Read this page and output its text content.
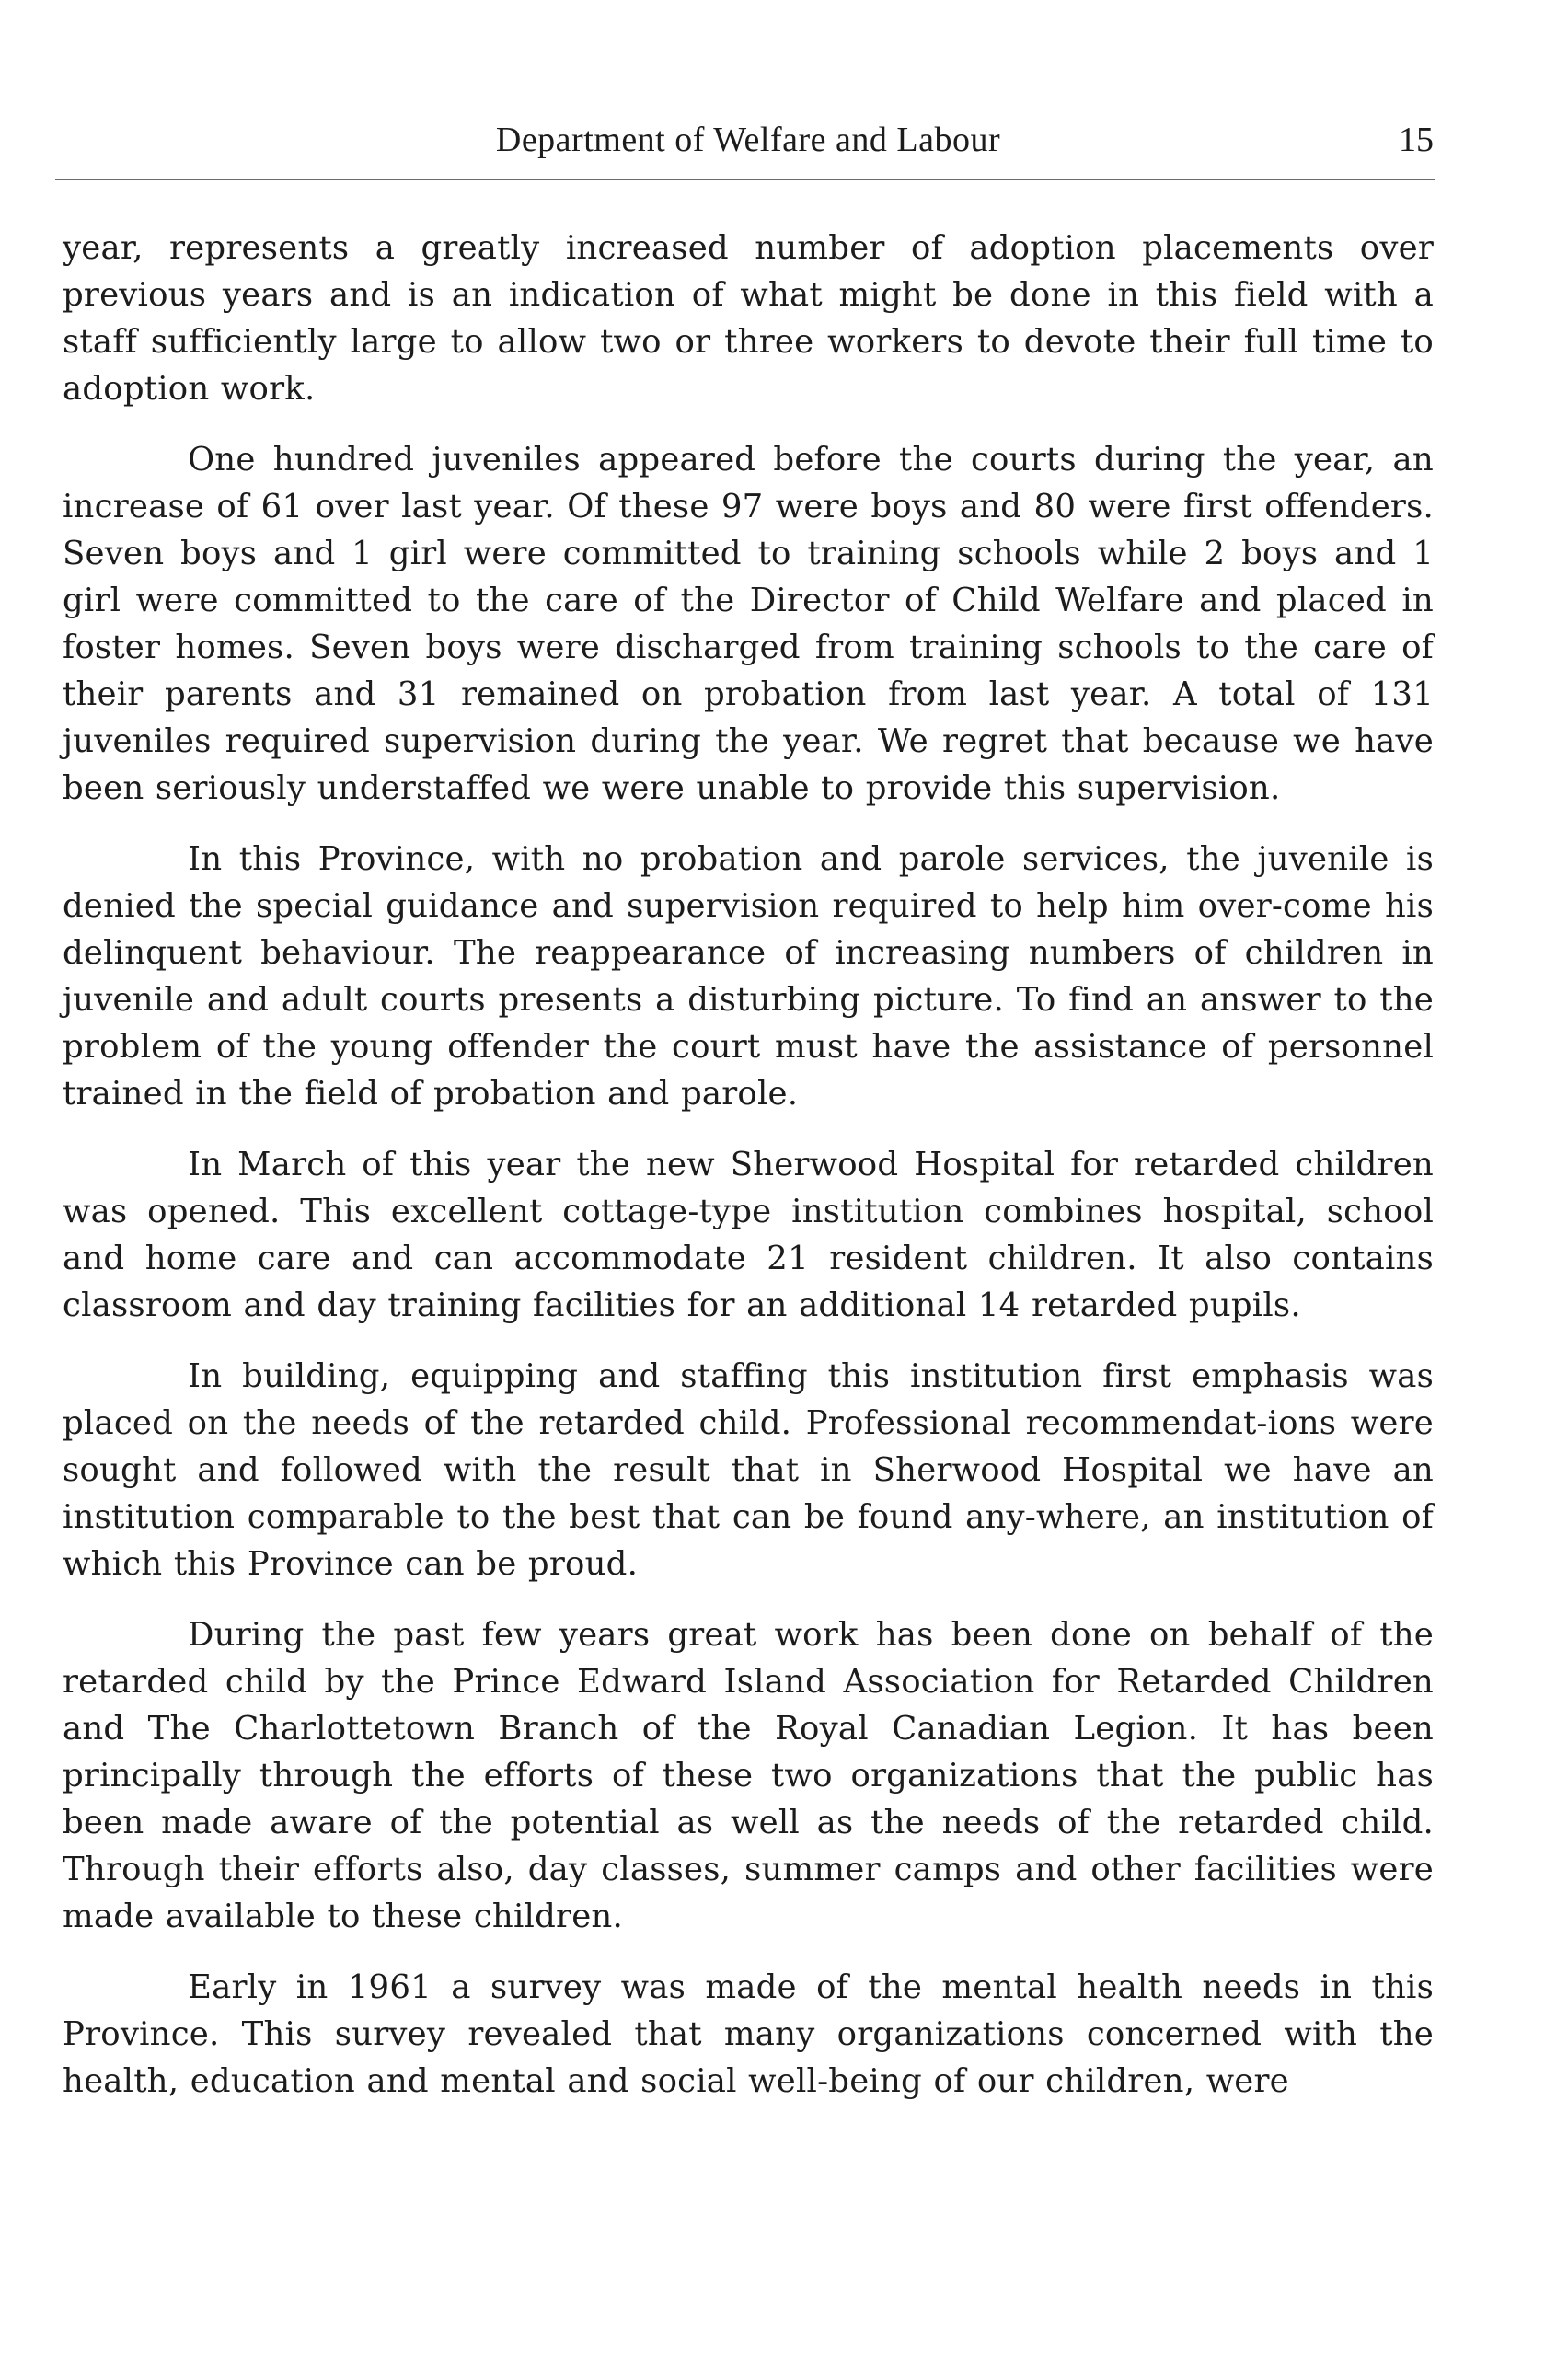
Department of Welfare and Labour	15

year, represents a greatly increased number of adoption placements over previous years and is an indication of what might be done in this field with a staff sufficiently large to allow two or three workers to devote their full time to adoption work.

One hundred juveniles appeared before the courts during the year, an increase of 61 over last year. Of these 97 were boys and 80 were first offenders. Seven boys and 1 girl were committed to training schools while 2 boys and 1 girl were committed to the care of the Director of Child Welfare and placed in foster homes. Seven boys were discharged from training schools to the care of their parents and 31 remained on probation from last year. A total of 131 juveniles required supervision during the year. We regret that because we have been seriously understaffed we were unable to provide this supervision.

In this Province, with no probation and parole services, the juvenile is denied the special guidance and supervision required to help him over-come his delinquent behaviour. The reappearance of increasing numbers of children in juvenile and adult courts presents a disturbing picture. To find an answer to the problem of the young offender the court must have the assistance of personnel trained in the field of probation and parole.

In March of this year the new Sherwood Hospital for retarded children was opened. This excellent cottage-type institution combines hospital, school and home care and can accommodate 21 resident children. It also contains classroom and day training facilities for an additional 14 retarded pupils.

In building, equipping and staffing this institution first emphasis was placed on the needs of the retarded child. Professional recommendat-ions were sought and followed with the result that in Sherwood Hospital we have an institution comparable to the best that can be found any-where, an institution of which this Province can be proud.

During the past few years great work has been done on behalf of the retarded child by the Prince Edward Island Association for Retarded Children and The Charlottetown Branch of the Royal Canadian Legion. It has been principally through the efforts of these two organizations that the public has been made aware of the potential as well as the needs of the retarded child. Through their efforts also, day classes, summer camps and other facilities were made available to these children.

Early in 1961 a survey was made of the mental health needs in this Province. This survey revealed that many organizations concerned with the health, education and mental and social well-being of our children, were
